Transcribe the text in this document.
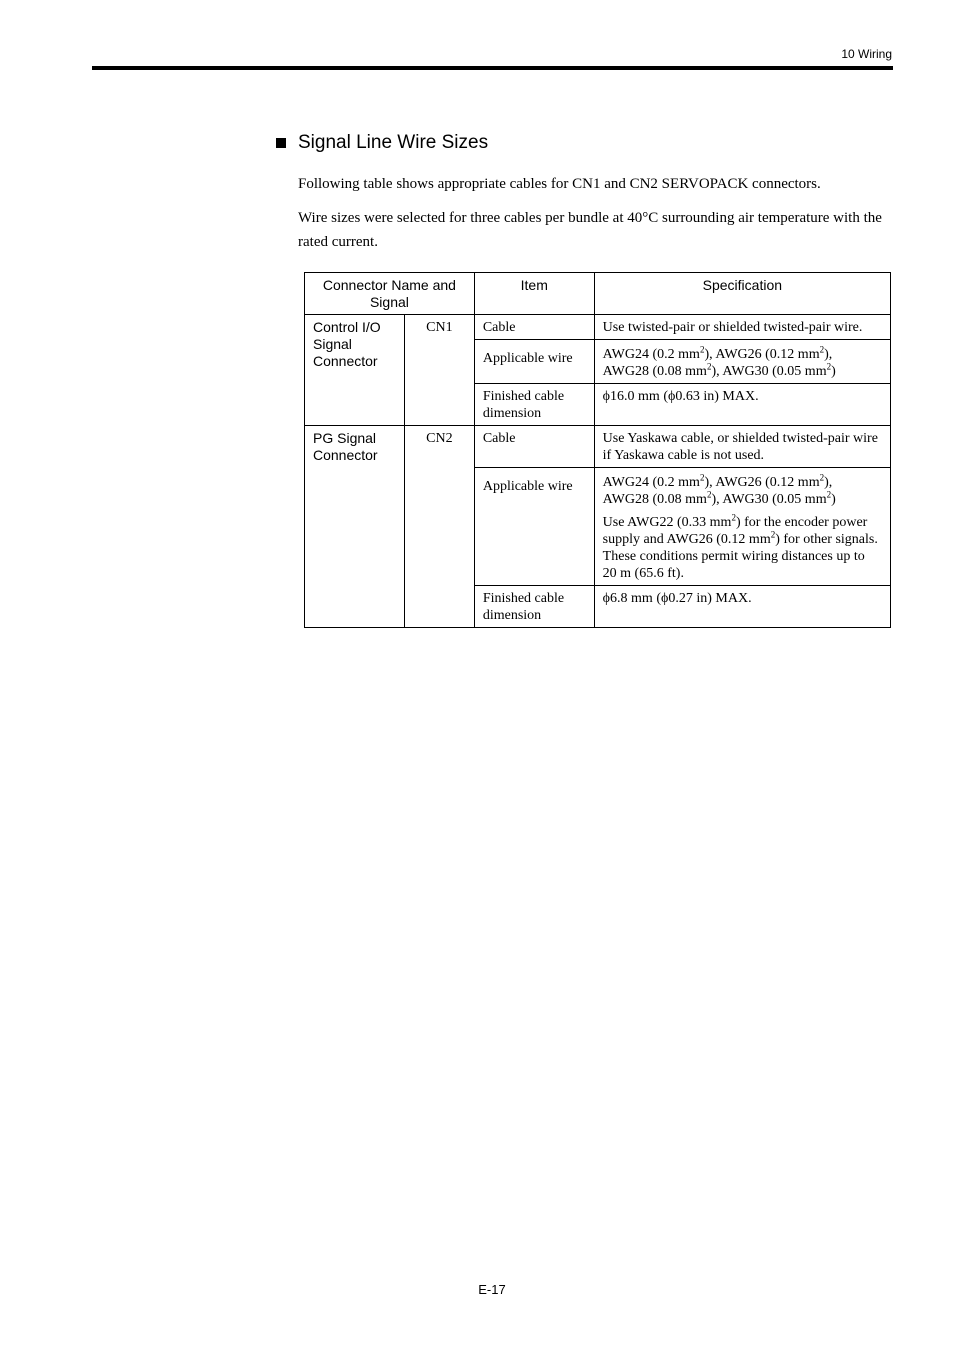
10 Wiring
Signal Line Wire Sizes
Following table shows appropriate cables for CN1 and CN2 SERVOPACK connectors.
Wire sizes were selected for three cables per bundle at 40°C surrounding air temperature with the rated current.
Connector Name and Signal		Item	Specification
Control I/O Signal Connector	CN1	Cable	Use twisted-pair or shielded twisted-pair wire.
		Applicable wire	AWG24 (0.2 $mm^2$), AWG26 (0.12 $mm^2$),
AWG28 (0.08 $mm^2$), AWG30 (0.05 $mm^2$)

		Finished cable dimension	ϕ16.0 mm (ϕ0.63 in) MAX.
PG Signal Connector	CN2	Cable	Use Yaskawa cable, or shielded twisted-pair wire if Yaskawa cable is not used.
		Applicable wire	AWG24 (0.2 $mm^2$), AWG26 (0.12 $mm^2$),
AWG28 (0.08 $mm^2$), AWG30 (0.05 $mm^2$)
Use AWG22 (0.33 $mm^2$) for the encoder power supply and AWG26 (0.12 $mm^2$) for other signals. These conditions permit wiring distances up to 20 m (65.6 ft).

		Finished cable dimension	ϕ6.8 mm (ϕ0.27 in) MAX.
E-17
